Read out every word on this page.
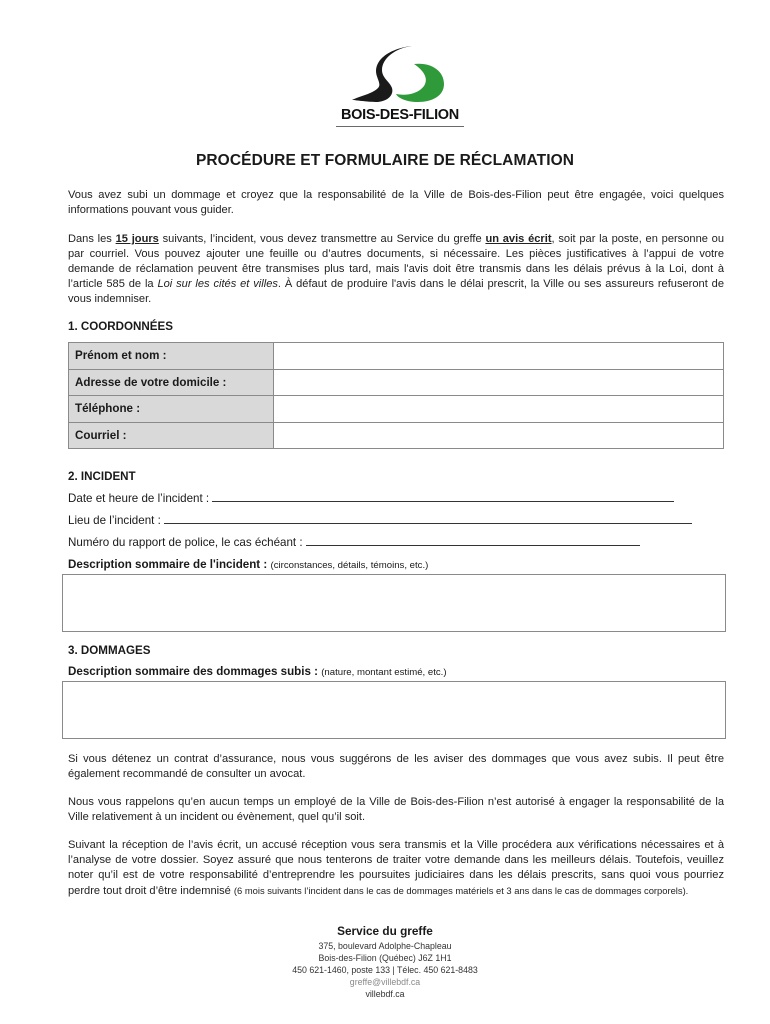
BOIS-DES-FILION
PROCÉDURE ET FORMULAIRE DE RÉCLAMATION
Vous avez subi un dommage et croyez que la responsabilité de la Ville de Bois-des-Filion peut être engagée, voici quelques informations pouvant vous guider.
Dans les 15 jours suivants, l’incident, vous devez transmettre au Service du greffe un avis écrit, soit par la poste, en personne ou par courriel. Vous pouvez ajouter une feuille ou d’autres documents, si nécessaire. Les pièces justificatives à l’appui de votre demande de réclamation peuvent être transmises plus tard, mais l'avis doit être transmis dans les délais prévus à la Loi, dont à l’article 585 de la Loi sur les cités et villes. À défaut de produire l'avis dans le délai prescrit, la Ville ou ses assureurs refuseront de vous indemniser.
1. COORDONNÉES
Prénom et nom :	
Adresse de votre domicile :	
Téléphone :	
Courriel :	
2. INCIDENT
Date et heure de l’incident :
Lieu de l’incident :
Numéro du rapport de police, le cas échéant :
Description sommaire de l'incident : (circonstances, détails, témoins, etc.)
3. DOMMAGES
Description sommaire des dommages subis : (nature, montant estimé, etc.)
Si vous détenez un contrat d’assurance, nous vous suggérons de les aviser des dommages que vous avez subis. Il peut être également recommandé de consulter un avocat.
Nous vous rappelons qu’en aucun temps un employé de la Ville de Bois-des-Filion n’est autorisé à engager la responsabilité de la Ville relativement à un incident ou évènement, quel qu’il soit.
Suivant la réception de l’avis écrit, un accusé réception vous sera transmis et la Ville procédera aux vérifications nécessaires et à l’analyse de votre dossier. Soyez assuré que nous tenterons de traiter votre demande dans les meilleurs délais. Toutefois, veuillez noter qu’il est de votre responsabilité d’entreprendre les poursuites judiciaires dans les délais prescrits, sans quoi vous pourriez perdre tout droit d’être indemnisé (6 mois suivants l’incident dans le cas de dommages matériels et 3 ans dans le cas de dommages corporels).
Service du greffe
375, boulevard Adolphe-Chapleau
Bois-des-Filion (Québec) J6Z 1H1
450 621-1460, poste 133 | Télec. 450 621-8483
greffe@villebdf.ca
villebdf.ca
